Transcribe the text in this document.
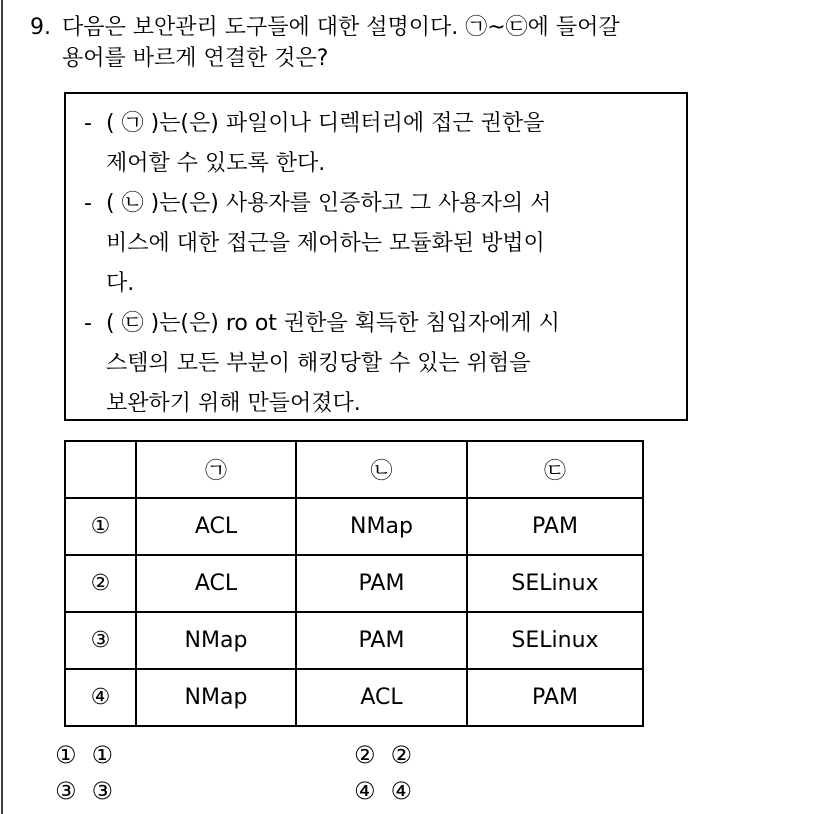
9. 다음은 보안관리 도구들에 대한 설명이다. ㉠~㉢에 들어갈
용어를 바르게 연결한 것은?
- ( ㉠ )는(은) 파일이나 디렉터리에 접근 권한을
제어할 수 있도록 한다.
- ( ㉡ )는(은) 사용자를 인증하고 그 사용자의 서
비스에 대한 접근을 제어하는 모듈화된 방법이
다.
- ( ㉢ )는(은) ro ot 권한을 획득한 침입자에게 시
스템의 모든 부분이 해킹당할 수 있는 위험을
보완하기 위해 만들어졌다.
	㉠	㉡	㉢
①	ACL	NMap	PAM
②	ACL	PAM	SELinux
③	NMap	PAM	SELinux
④	NMap	ACL	PAM
① ①	② ②
③ ③	④ ④
